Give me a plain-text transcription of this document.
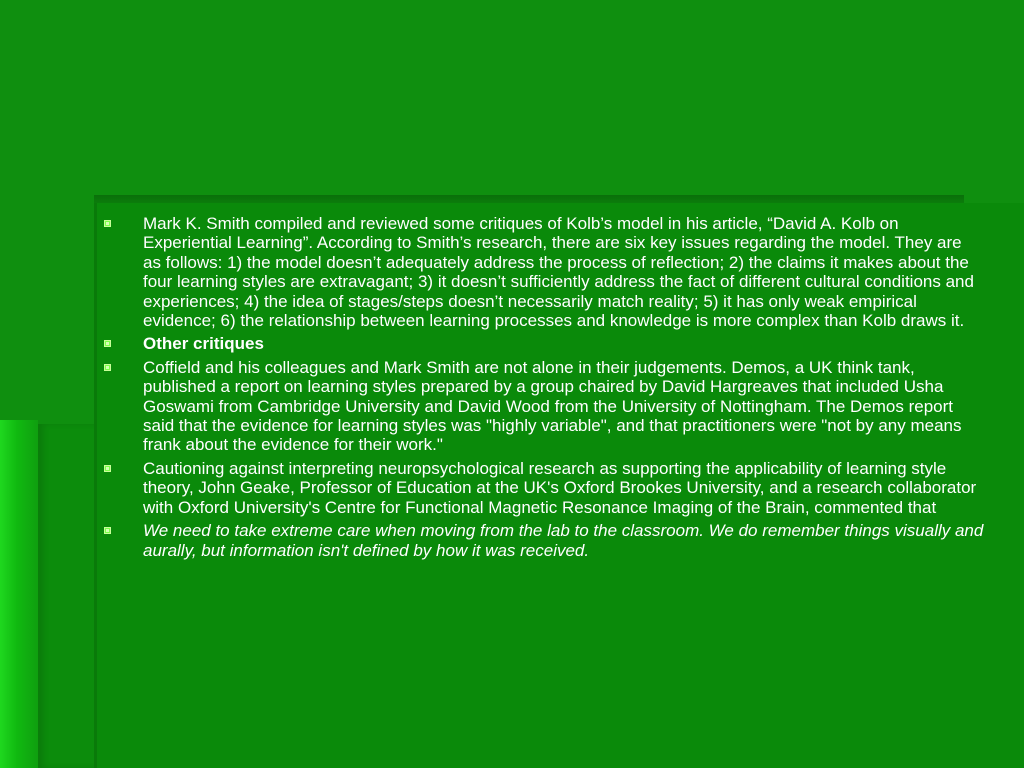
Mark K. Smith compiled and reviewed some critiques of Kolb’s model in his article, “David A. Kolb on Experiential Learning”. According to Smith’s research, there are six key issues regarding the model. They are as follows: 1) the model doesn’t adequately address the process of reflection; 2) the claims it makes about the four learning styles are extravagant; 3) it doesn’t sufficiently address the fact of different cultural conditions and experiences; 4) the idea of stages/steps doesn’t necessarily match reality; 5) it has only weak empirical evidence; 6) the relationship between learning processes and knowledge is more complex than Kolb draws it.
Other critiques
Coffield and his colleagues and Mark Smith are not alone in their judgements. Demos, a UK think tank, published a report on learning styles prepared by a group chaired by David Hargreaves that included Usha Goswami from Cambridge University and David Wood from the University of Nottingham. The Demos report said that the evidence for learning styles was "highly variable", and that practitioners were "not by any means frank about the evidence for their work."
Cautioning against interpreting neuropsychological research as supporting the applicability of learning style theory, John Geake, Professor of Education at the UK's Oxford Brookes University, and a research collaborator with Oxford University's Centre for Functional Magnetic Resonance Imaging of the Brain, commented that
We need to take extreme care when moving from the lab to the classroom. We do remember things visually and aurally, but information isn't defined by how it was received.
